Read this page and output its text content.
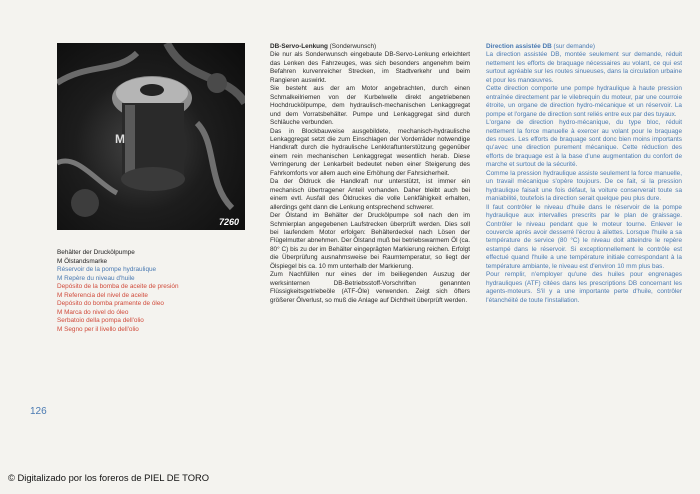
M
7260
Behälter der Druckölpumpe
M Ölstandsmarke
Réservoir de la pompe hydraulique
M Repère du niveau d'huile
Depósito de la bomba de aceite de presión
M Referencia del nivel de aceite
Depósito do bomba pramente de óleo
M Marca do nivel do óleo
Serbatoio della pompa dell'olio
M Segno per il livello dell'olio
DB-Servo-Lenkung (Sonderwunsch)

Die nur als Sonderwunsch eingebaute DB-Servo-Lenkung erleichtert das Lenken des Fahrzeuges, was sich besonders angenehm beim Befahren kurvenreicher Strecken, im Stadtverkehr und beim Rangieren auswirkt.

Sie besteht aus der am Motor angebrachten, durch einen Schmalkeilriemen von der Kurbelwelle direkt angetriebenen Hochdruckölpumpe, dem hydraulisch-mechanischen Lenkaggregat und dem Vorratsbehälter. Pumpe und Lenkaggregat sind durch Schläuche verbunden.

Das in Blockbauweise ausgebildete, mechanisch-hydraulische Lenkaggregat setzt die zum Einschlagen der Vorderräder notwendige Handkraft durch die hydraulische Lenkkraftunterstützung gegenüber einem rein mechanischen Lenkaggregat wesentlich herab. Diese Verringerung der Lenkarbeit bedeutet neben einer Steigerung des Fahrkomforts vor allem auch eine Erhöhung der Fahrsicherheit.

Da der Öldruck die Handkraft nur unterstützt, ist immer ein mechanisch übertragener Anteil vorhanden. Daher bleibt auch bei einem evtl. Ausfall des Öldruckes die volle Lenkfähigkeit erhalten, allerdings geht dann die Lenkung entsprechend schwerer.

Der Ölstand im Behälter der Druckölpumpe soll nach den im Schmierplan angegebenen Laufstrecken überprüft werden. Dies soll bei laufendem Motor erfolgen: Behälterdeckel nach Lösen der Flügelmutter abnehmen. Der Ölstand muß bei betriebswarmem Öl (ca. 80° C) bis zu der im Behälter eingeprägten Markierung reichen. Erfolgt die Überprüfung ausnahmsweise bei Raumtemperatur, so liegt der Ölspiegel bis ca. 10 mm unterhalb der Markierung.

Zum Nachfüllen nur eines der im beiliegenden Auszug der werksinternen DB-Betriebsstoff-Vorschriften genannten Flüssigkeitsgetriebeöle (ATF-Öle) verwenden. Zeigt sich öfters größerer Ölverlust, so muß die Anlage auf Dichtheit überprüft werden.

Direction assistée DB (sur demande)

La direction assistée DB, montée seulement sur demande, réduit nettement les efforts de braquage nécessaires au volant, ce qui est surtout agréable sur les routes sinueuses, dans la circulation urbaine et pour les manœuvres.

Cette direction comporte une pompe hydraulique à haute pression entraînée directement par le vilebrequin du moteur, par une courroie étroite, un organe de direction hydro-mécanique et un réservoir. La pompe et l'organe de direction sont reliés entre eux par des tuyaux.

L'organe de direction hydro-mécanique, du type bloc, réduit nettement la force manuelle à exercer au volant pour le braquage des roues. Les efforts de braquage sont donc bien moins importants qu'avec une direction purement mécanique. Cette réduction des efforts de braquage est à la base d'une augmentation du confort de marche et surtout de la sécurité.

Comme la pression hydraulique assiste seulement la force manuelle, un travail mécanique s'opère toujours. De ce fait, si la pression hydraulique faisait une fois défaut, la voiture conserverait toute sa maniabilité, toutefois la direction serait quelque peu plus dure.

Il faut contrôler le niveau d'huile dans le réservoir de la pompe hydraulique aux intervalles prescrits par le plan de graissage. Contrôler le niveau pendant que le moteur tourne. Enlever le couvercle après avoir desserré l'écrou à ailettes. Lorsque l'huile a sa température de service (80 °C) le niveau doit atteindre le repère estampé dans le réservoir. Si exceptionnellement le contrôle est effectué quand l'huile a une température initiale correspondant à la température ambiante, le niveau est d'environ 10 mm plus bas.

Pour remplir, n'employer qu'une des huiles pour engrenages hydrauliques (ATF) citées dans les prescriptions DB concernant les agents-moteurs. S'il y a une importante perte d'huile, contrôler l'étanchéité de toute l'installation.

126
© Digitalizado por los foreros de PIEL DE TORO
